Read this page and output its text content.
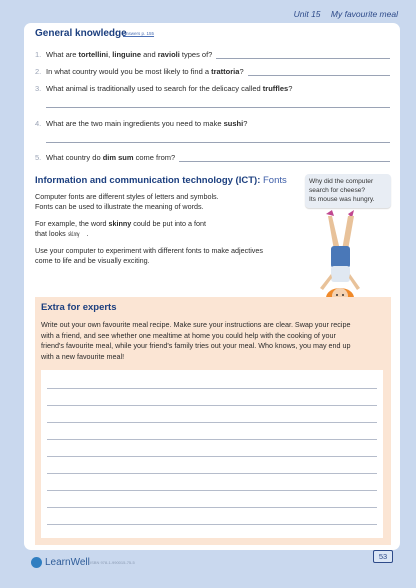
Unit 15 My favourite meal
General knowledge
Answers p. 155
1. What are tortellini, linguine and ravioli types of?
2. In what country would you be most likely to find a trattoria?
3. What animal is traditionally used to search for the delicacy called truffles?
4. What are the two main ingredients you need to make sushi?
5. What country do dim sum come from?
Information and communication technology (ICT): Fonts
Computer fonts are different styles of letters and symbols.
Fonts can be used to illustrate the meaning of words.
For example, the word skinny could be put into a font
that looks skinny .
Use your computer to experiment with different fonts to make adjectives
come to life and be visually exciting.
Why did the computer
search for cheese?
Its mouse was hungry.
Extra for experts
Write out your own favourite meal recipe. Make sure your instructions are clear. Swap your recipe
with a friend, and see whether one mealtime at home you could help with the cooking of your
friend's favourite meal, while your friend's family tries out your meal. Who knows, you may end up
with a new favourite meal!
53
LearnWell ISBN 978-1-990015-75-5
